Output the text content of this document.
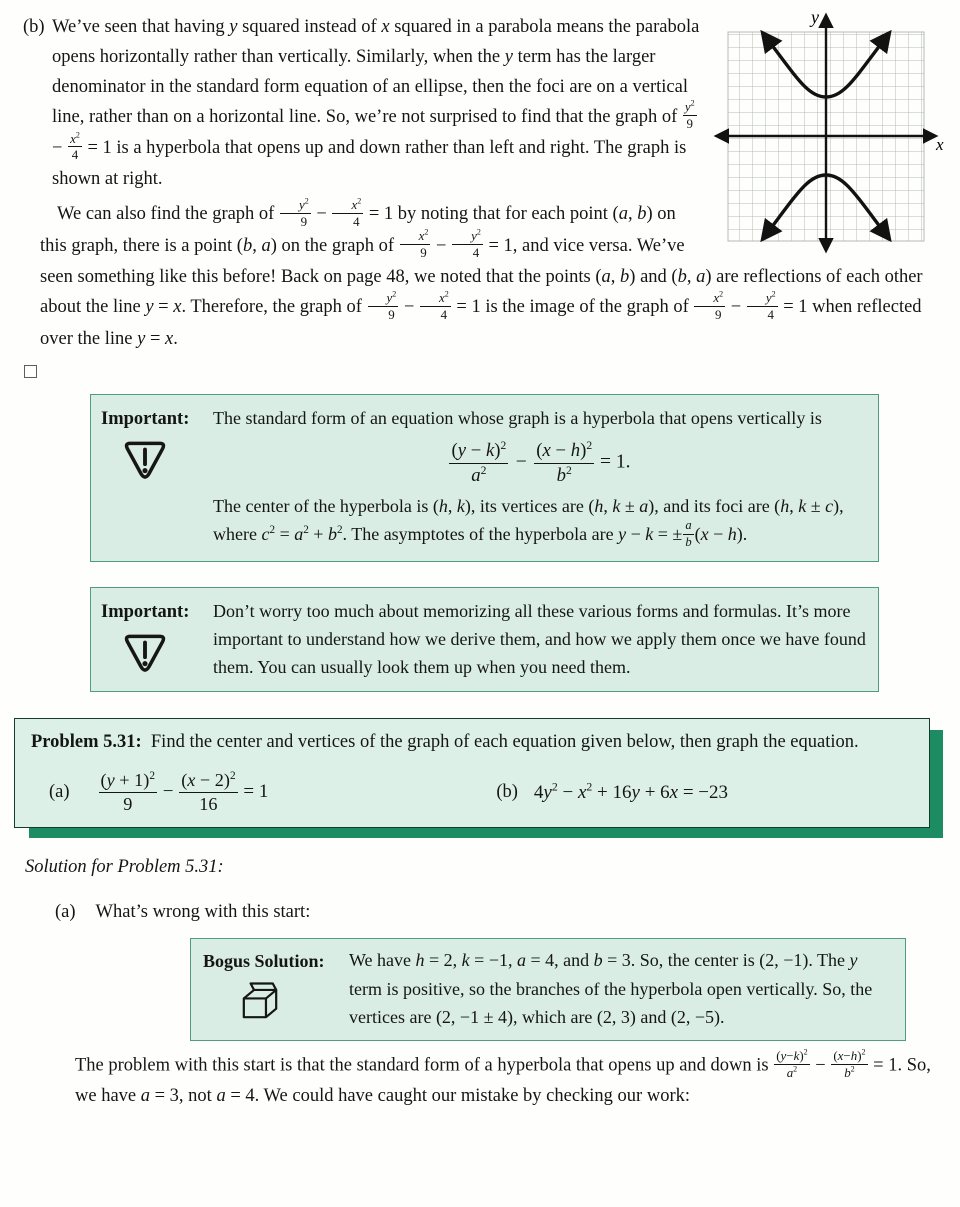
(b)	y
x

We’ve seen that having y squared instead of x squared in a parabola means the parabola opens horizontally rather than vertically. Similarly, when the y term has the larger denominator in the standard form equation of an ellipse, then the foci are on a vertical line, rather than on a horizontal line. So, we’re not surprised to find that the graph of $\frac{y^2}{9}$
− $\frac{x^2}{4} = 1$ is a hyperbola that opens up and down rather than left and right. The graph is shown at right.

We can also find the graph of $\frac{y^2}{9} - \frac{x^2}{4} = 1$ by noting that for each point (a, b) on this graph, there is a point (b, a) on the graph of $\frac{x^2}{9} - \frac{y^2}{4} = 1$, and vice versa. We’ve seen something like this before! Back on page 48, we noted that the points (a, b) and (b, a) are reflections of each other about the line y = x. Therefore, the graph of $\frac{y^2}{9} - \frac{x^2}{4} = 1$ is the image of the graph of $\frac{x^2}{9} - \frac{y^2}{4} = 1$ when reflected over the line y = x.

Important: The standard form of an equation whose graph is a hyperbola that opens vertically is

$\frac{(y - k)^2}{a^2}$   −   $\frac{(x - h)^2}{b^2} = 1$.

The center of the hyperbola is (h, k), its vertices are (h, k ± a), and its foci are (h, k ± c), where $c^2 = a^2 + b^2$. The asymptotes of the hyperbola are y − k = ± $\frac{a}{b} (x - h)$.

Important: Don’t worry too much about memorizing all these various forms and formulas. It’s more important to understand how we derive them, and how we apply them once we have found them. You can usually look them up when you need them.

Problem 5.31: Find the center and vertices of the graph of each equation given below, then graph the equation.

$(a) \frac{(y + 1)^2}{9} - \frac{(x - 2)^2}{16} = 1$	(b) $4y^2 - x^2 + 16y + 6x = -23$

Solution for Problem 5.31:

(a) What’s wrong with this start:

Bogus Solution: We have h = 2, k = −1, a = 4, and b = 3. So, the center is (2, −1). The y term is positive, so the branches of the hyperbola open vertically. So, the vertices are (2, −1 ± 4), which are (2, 3) and (2, −5).

The problem with this start is that the standard form of a hyperbola that opens up and down is $\frac{(y-k)^2}{a^2} - \frac{(x-h)^2}{b^2} = 1$. So, we have a = 3, not a = 4. We could have caught our mistake by checking our work:
